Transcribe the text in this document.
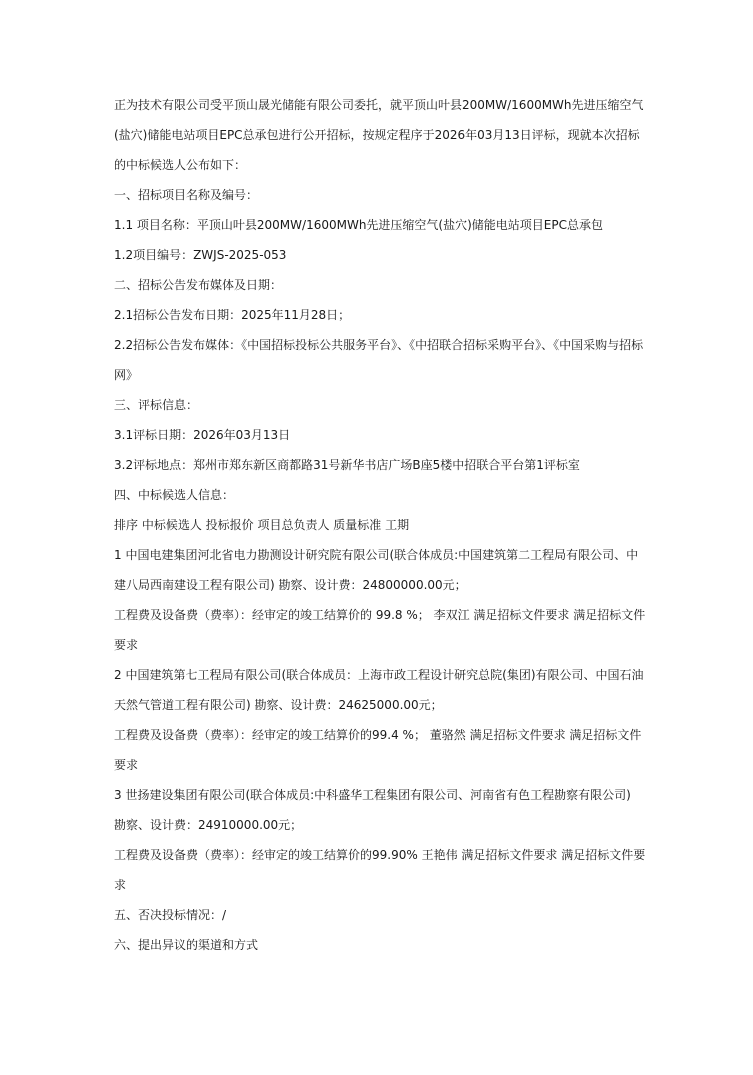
正为技术有限公司受平顶山晟光储能有限公司委托，就平顶山叶县200MW/1600MWh先进压缩空气(盐穴)储能电站项目EPC总承包进行公开招标，按规定程序于2026年03月13日评标，现就本次招标的中标候选人公布如下：

一、招标项目名称及编号：

1.1 项目名称：平顶山叶县200MW/1600MWh先进压缩空气(盐穴)储能电站项目EPC总承包

1.2项目编号：ZWJS-2025-053

二、招标公告发布媒体及日期：

2.1招标公告发布日期：2025年11月28日；

2.2招标公告发布媒体：《中国招标投标公共服务平台》、《中招联合招标采购平台》、《中国采购与招标网》

三、评标信息：

3.1评标日期：2026年03月13日

3.2评标地点：郑州市郑东新区商都路31号新华书店广场B座5楼中招联合平台第1评标室

四、中标候选人信息：

排序 中标候选人 投标报价 项目总负责人 质量标准 工期

1 中国电建集团河北省电力勘测设计研究院有限公司(联合体成员:中国建筑第二工程局有限公司、中建八局西南建设工程有限公司) 勘察、设计费：24800000.00元；

工程费及设备费（费率）：经审定的竣工结算价的 99.8 %； 李双江 满足招标文件要求 满足招标文件要求

2 中国建筑第七工程局有限公司(联合体成员：上海市政工程设计研究总院(集团)有限公司、中国石油天然气管道工程有限公司) 勘察、设计费：24625000.00元；

工程费及设备费（费率）：经审定的竣工结算价的99.4 %； 董骆然 满足招标文件要求 满足招标文件要求

3 世扬建设集团有限公司(联合体成员:中科盛华工程集团有限公司、河南省有色工程勘察有限公司) 勘察、设计费：24910000.00元；

工程费及设备费（费率）：经审定的竣工结算价的99.90% 王艳伟 满足招标文件要求 满足招标文件要求

五、否决投标情况：/

六、提出异议的渠道和方式
